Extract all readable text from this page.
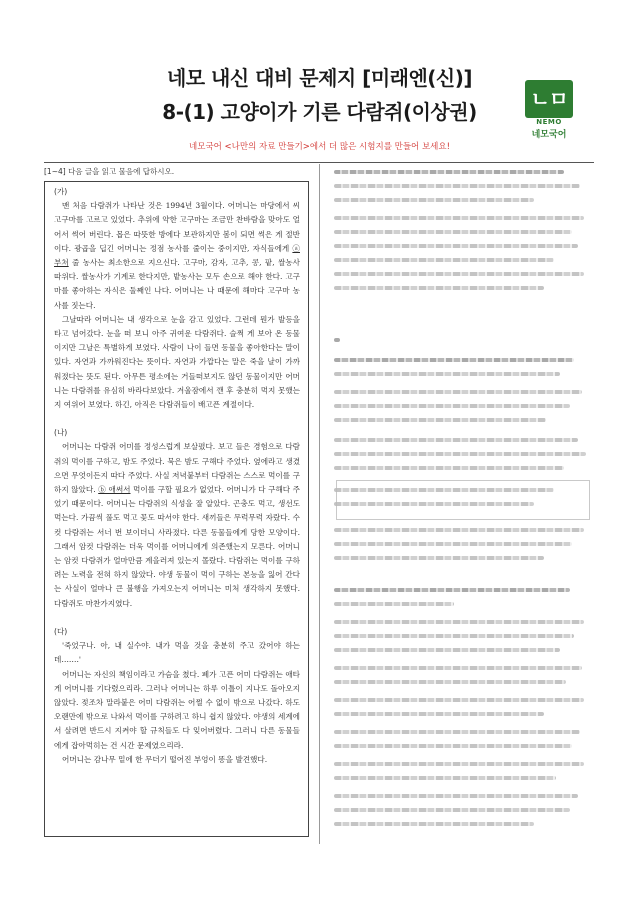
네모 내신 대비 문제지 [미래엔(신)]
8-(1) 고양이가 기른 다람쥐(이상권)
네모국어 <나만의 자료 만들기>에서 더 많은 시험지를 만들어 보세요!
ㄴㅁ
NEMO
네모국어
[1~4] 다음 글을 읽고 물음에 답하시오.

(가)

맨 처음 다람쥐가 나타난 것은 1994년 3월이다. 어머니는 마당에서 씨 고구마를 고르고 있었다. 추위에 약한 고구마는 조금만 찬바람을 맞아도 얼어서 썩어 버린다. 몹은 따뜻한 방에다 보관하지만 봄이 되면 썩은 게 절반이다. 광곱을 딥긴 어머니는 정점 농사를 줄이는 중이지만, 자식들에게 ⓐ 부쳐 줄 농사는 최소한으로 지으신다. 고구마, 감자, 고추, 콩, 팥, 쌀농사 따위다. 쌀농사가 기계로 한다지만, 밭농사는 모두 손으로 해야 한다. 고구마를 좋아하는 자식은 둘째인 나다. 어머니는 나 때문에 해마다 고구마 농사를 짓는다.

그날따라 어머니는 내 생각으로 눈을 감고 있었다. 그런데 뭔가 발등을 타고 넘어갔다. 눈을 떠 보니 아주 귀여운 다람쥐다. 슬쩍 게 보아 온 동물이지만 그날은 특별하게 보였다. 사람이 나이 들면 동물을 좋아한다는 말이 있다. 자연과 가까워진다는 뜻이다. 자연과 가깝다는 말은 죽을 날이 가까워졌다는 뜻도 된다. 아무튼 평소에는 거들떠보지도 않던 동물이지만 어머니는 다람쥐를 유심히 바라다보았다. 겨울잠에서 깬 후 충분히 먹지 못했는지 여위어 보였다. 하긴, 아직은 다람쥐들이 배고픈 계절이다.

(나)

어머니는 다람쥐 어미를 정성스럽게 보살폈다. 보고 들은 경험으로 다람쥐의 먹이를 구하고, 밤도 주었다. 묵은 밤도 구해다 주었다. 옆에라고 생겼으면 무엇이든지 따다 주었다. 사실 저녁붙부터 다람쥐는 스스로 먹이를 구하지 않았다. ⓑ 애써서 먹이를 구할 필요가 없었다. 어머니가 다 구해다 주었기 때문이다. 어머니는 다람쥐의 식성을 잘 알았다. 곤충도 먹고, 생선도 먹는다. 가끔씩 풀도 먹고 꽃도 따서야 한다. 새끼들은 무럭무럭 자랐다. 수컷 다람쥐는 서너 번 보이더니 사라졌다. 다른 동물들에게 당한 모양이다. 그래서 암컷 다람쥐는 더욱 먹이를 어머니에게 의존했는지 모른다. 어머니는 암컷 다람쥐가 얼마만큼 계을러져 있는지 몰랐다. 다람쥐는 먹이를 구하려는 노력을 전혀 하지 않았다. 야생 동물이 먹이 구하는 본능을 잃어 간다는 사실이 얼마나 큰 불행을 가져오는지 어머니는 미처 생각하지 못했다. 다람쥐도 마찬가지였다.

(다)

'죽었구나. 아, 내 실수야. 내가 먹을 것을 충분히 주고 갔어야 하는데…….'

어머니는 자신의 책임이라고 가슴을 쳤다. 폐가 고픈 어미 다람쥐는 애타게 어머니를 기다렸으리라. 그러나 어머니는 하루 이틀이 지나도 돌아오지 않았다. 젖조차 말라붙은 어미 다람쥐는 어쩔 수 없이 밖으로 나갔다. 하도 오랜만에 밖으로 나와서 먹이를 구하려고 하니 쉽지 않았다. 야생의 세계에서 살려면 반드시 지켜야 할 규칙들도 다 잊어버렸다. 그러니 다른 동물들에게 잡아먹히는 건 시간 문제였으리라.

어머니는 감나무 밑에 한 무더기 떨어진 부엉이 똥을 발견했다.
